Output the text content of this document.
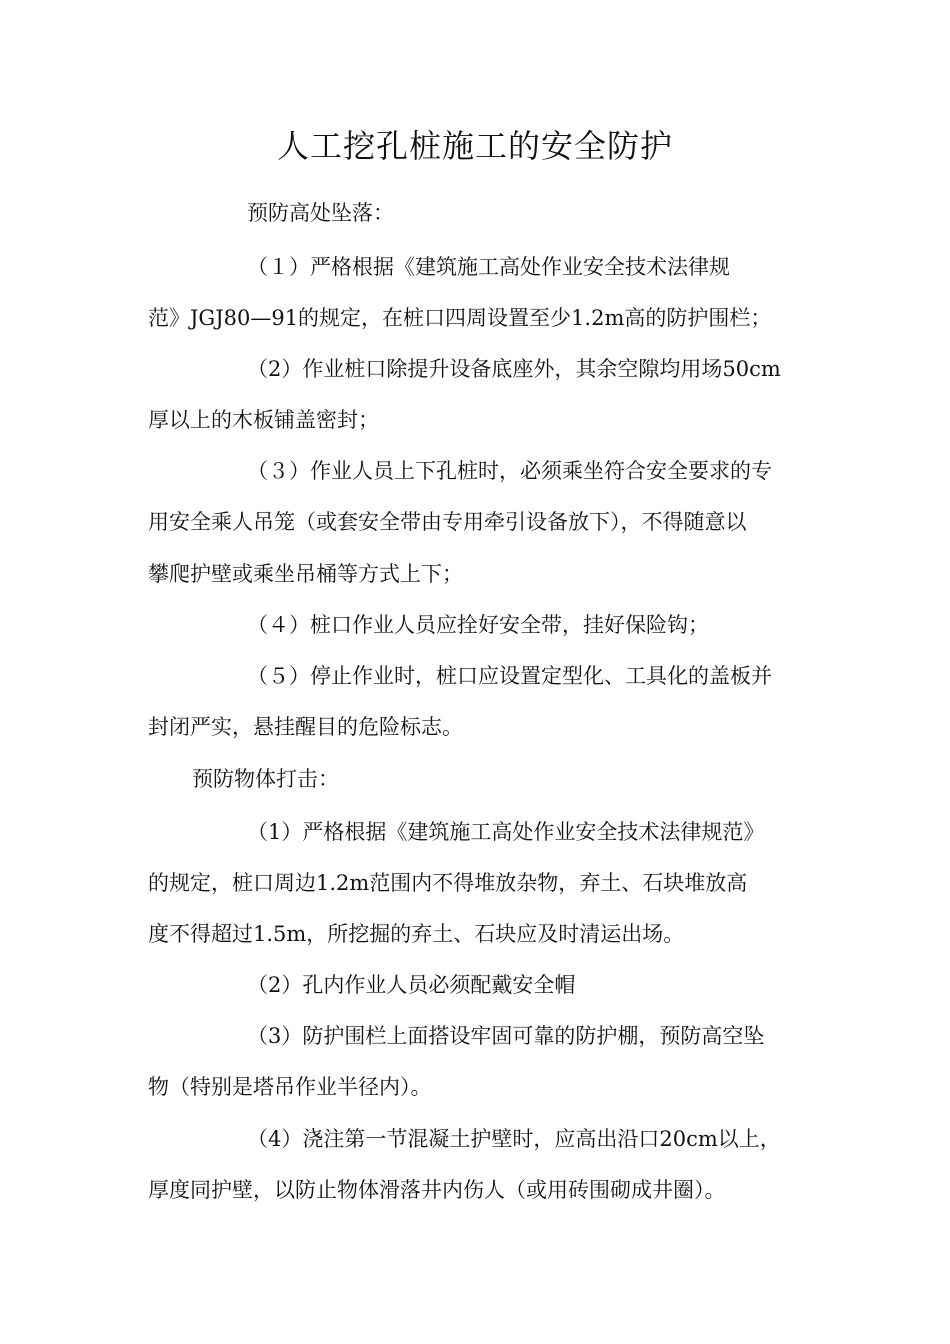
人工挖孔桩施工的安全防护

预防高处坠落：

（１）严格根据《建筑施工高处作业安全技术法律规

范》JGJ80—91的规定，在桩口四周设置至少1.2m高的防护围栏；

（2）作业桩口除提升设备底座外，其余空隙均用场50cm

厚以上的木板铺盖密封；

（３）作业人员上下孔桩时，必须乘坐符合安全要求的专

用安全乘人吊笼（或套安全带由专用牵引设备放下），不得随意以

攀爬护壁或乘坐吊桶等方式上下；

（４）桩口作业人员应拴好安全带，挂好保险钩；

（５）停止作业时，桩口应设置定型化、工具化的盖板并

封闭严实，悬挂醒目的危险标志。

预防物体打击：

（1）严格根据《建筑施工高处作业安全技术法律规范》

的规定，桩口周边1.2m范围内不得堆放杂物，弃土、石块堆放高

度不得超过1.5m，所挖掘的弃土、石块应及时清运出场。

（2）孔内作业人员必须配戴安全帽

（3）防护围栏上面搭设牢固可靠的防护棚，预防高空坠

物（特别是塔吊作业半径内）。

（4）浇注第一节混凝土护壁时，应高出沿口20cm以上，

厚度同护壁，以防止物体滑落井内伤人（或用砖围砌成井圈）。
